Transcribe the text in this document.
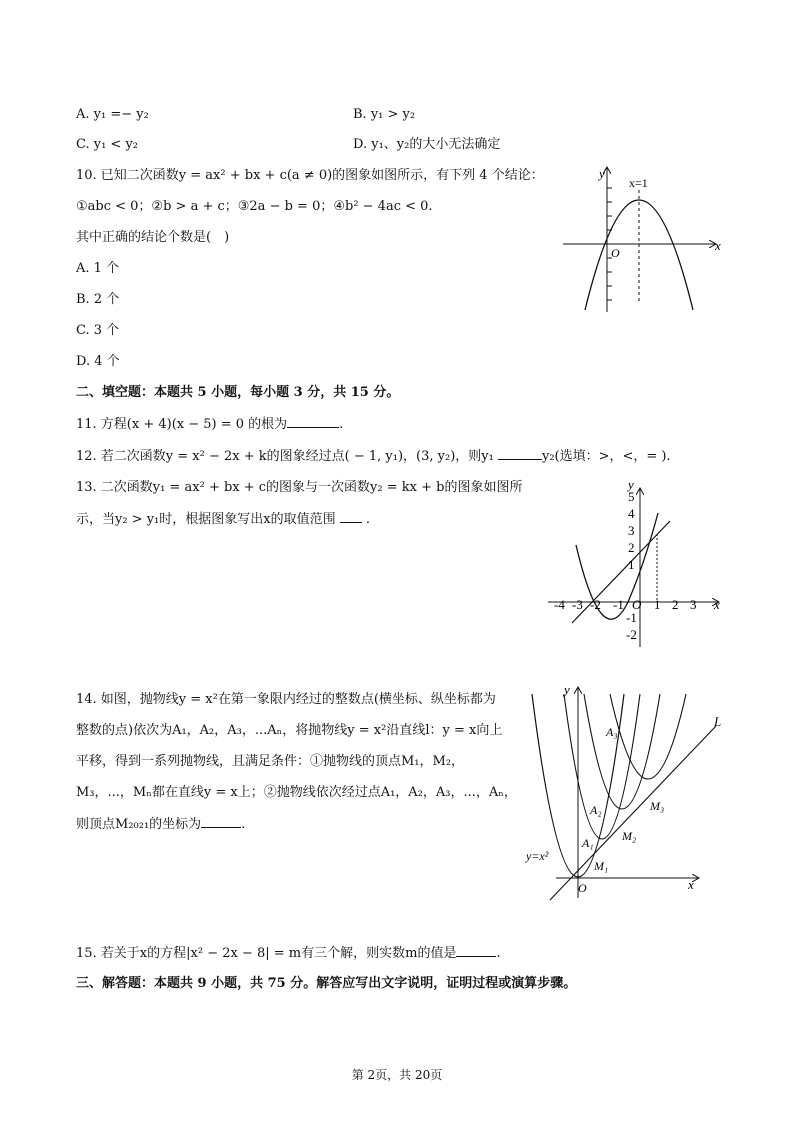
A. y₁ =− y₂	B. y₁ > y₂
C. y₁ < y₂	D. y₁、y₂的大小无法确定
10. 已知二次函数y = ax² + bx + c(a ≠ 0)的图象如图所示，有下列 4 个结论：
①abc < 0；②b > a + c；③2a − b = 0；④b² − 4ac < 0.
其中正确的结论个数是(　)
A. 1 个
B. 2 个
C. 3 个
D. 4 个
y
x
O
x=1
二、填空题：本题共 5 小题，每小题 3 分，共 15 分。
11. 方程(x + 4)(x − 5) = 0 的根为	.
12. 若二次函数y = x² − 2x + k的图象经过点( − 1, y₁)，(3, y₂)，则y₁	y₂(选填：>，<，= ).
13. 二次函数y₁ = ax² + bx + c的图象与一次函数y₂ = kx + b的图象如图所
示，当y₂ > y₁时，根据图象写出x的取值范围 .
5
4
3
2
1
-1
-2
-4 -3 -2 -1 1 2 3
O
y
x
14. 如图，抛物线y = x²在第一象限内经过的整数点(横坐标、纵坐标都为
整数的点)依次为A₁，A₂，A₃，...Aₙ，将抛物线y = x²沿直线l：y = x向上
平移，得到一系列抛物线，且满足条件：①抛物线的顶点M₁，M₂，
M₃，...，Mₙ都在直线y = x上；②抛物线依次经过点A₁，A₂，A₃，...，Aₙ，
则顶点M₂₀₂₁的坐标为	.
y
x
O
L
y=x²
A₁
A₂
A₃
M₁
M₂
M₃
15. 若关于x的方程|x² − 2x − 8| = m有三个解，则实数m的值是	.
三、解答题：本题共 9 小题，共 75 分。解答应写出文字说明，证明过程或演算步骤。
第 2页，共 20页
